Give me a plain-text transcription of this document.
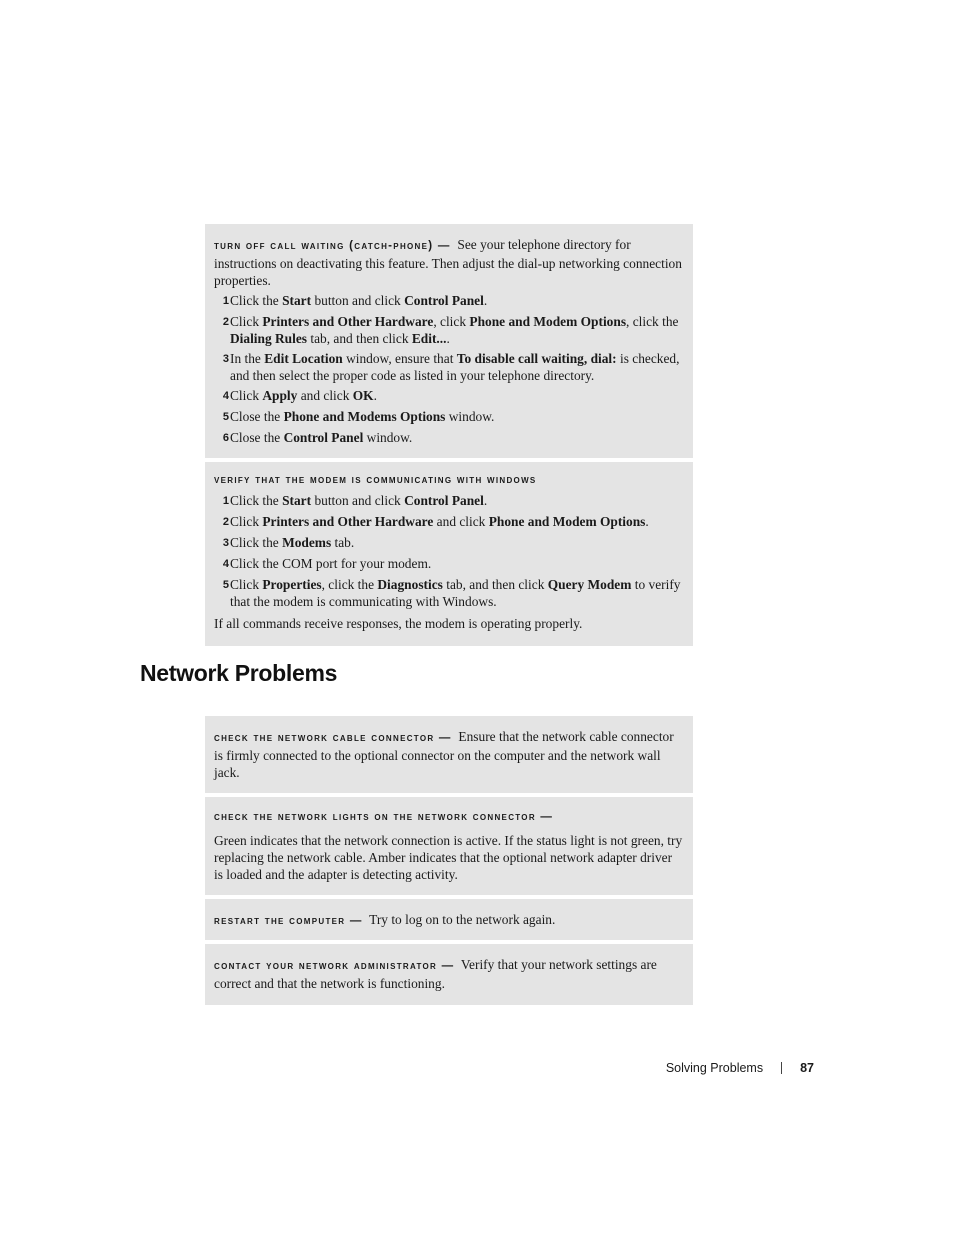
turn off call waiting (catch-phone) — See your telephone directory for instructions on deactivating this feature. Then adjust the dial-up networking connection properties.
1 Click the Start button and click Control Panel.
2 Click Printers and Other Hardware, click Phone and Modem Options, click the Dialing Rules tab, and then click Edit....
3 In the Edit Location window, ensure that To disable call waiting, dial: is checked, and then select the proper code as listed in your telephone directory.
4 Click Apply and click OK.
5 Close the Phone and Modems Options window.
6 Close the Control Panel window.
verify that the modem is communicating with windows
1 Click the Start button and click Control Panel.
2 Click Printers and Other Hardware and click Phone and Modem Options.
3 Click the Modems tab.
4 Click the COM port for your modem.
5 Click Properties, click the Diagnostics tab, and then click Query Modem to verify that the modem is communicating with Windows.
If all commands receive responses, the modem is operating properly.
Network Problems
check the network cable connector — Ensure that the network cable connector is firmly connected to the optional connector on the computer and the network wall jack.
check the network lights on the network connector —
Green indicates that the network connection is active. If the status light is not green, try replacing the network cable. Amber indicates that the optional network adapter driver is loaded and the adapter is detecting activity.
restart the computer — Try to log on to the network again.
contact your network administrator — Verify that your network settings are correct and that the network is functioning.
Solving Problems	87
